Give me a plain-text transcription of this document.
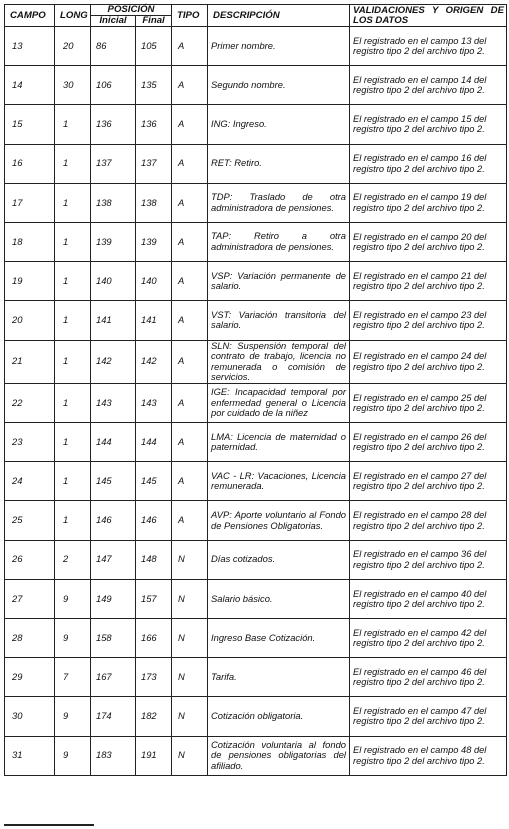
CAMPO	LONG	POSICIÓN		TIPO	DESCRIPCIÓN	VALIDACIONES Y ORIGEN DE LOS DATOS
		Inicial	Final			
13	20	86	105	A	Primer nombre.	El registrado en el campo 13 del registro tipo 2 del archivo tipo 2.
14	30	106	135	A	Segundo nombre.	El registrado en el campo 14 del registro tipo 2 del archivo tipo 2.
15	1	136	136	A	ING: Ingreso.	El registrado en el campo 15 del registro tipo 2 del archivo tipo 2.
16	1	137	137	A	RET: Retiro.	El registrado en el campo 16 del registro tipo 2 del archivo tipo 2.
17	1	138	138	A	TDP: Traslado de otra administradora de pensiones.	El registrado en el campo 19 del registro tipo 2 del archivo tipo 2.
18	1	139	139	A	TAP: Retiro a otra administradora de pensiones.	El registrado en el campo 20 del registro tipo 2 del archivo tipo 2.
19	1	140	140	A	VSP: Variación permanente de salario.	El registrado en el campo 21 del registro tipo 2 del archivo tipo 2.
20	1	141	141	A	VST: Variación transitoria del salario.	El registrado en el campo 23 del registro tipo 2 del archivo tipo 2.
21	1	142	142	A	SLN: Suspensión temporal del contrato de trabajo, licencia no remunerada o comisión de servicios.	El registrado en el campo 24 del registro tipo 2 del archivo tipo 2.
22	1	143	143	A	IGE: Incapacidad temporal por enfermedad general o Licencia por cuidado de la niñez	El registrado en el campo 25 del registro tipo 2 del archivo tipo 2.
23	1	144	144	A	LMA: Licencia de maternidad o paternidad.	El registrado en el campo 26 del registro tipo 2 del archivo tipo 2.
24	1	145	145	A	VAC - LR: Vacaciones, Licencia remunerada.	El registrado en el campo 27 del registro tipo 2 del archivo tipo 2.
25	1	146	146	A	AVP: Aporte voluntario al Fondo de Pensiones Obligatorias.	El registrado en el campo 28 del registro tipo 2 del archivo tipo 2.
26	2	147	148	N	Días cotizados.	El registrado en el campo 36 del registro tipo 2 del archivo tipo 2.
27	9	149	157	N	Salario básico.	El registrado en el campo 40 del registro tipo 2 del archivo tipo 2.
28	9	158	166	N	Ingreso Base Cotización.	El registrado en el campo 42 del registro tipo 2 del archivo tipo 2.
29	7	167	173	N	Tarifa.	El registrado en el campo 46 del registro tipo 2 del archivo tipo 2.
30	9	174	182	N	Cotización obligatoria.	El registrado en el campo 47 del registro tipo 2 del archivo tipo 2.
31	9	183	191	N	Cotización voluntaria al fondo de pensiones obligatorias del afiliado.	El registrado en el campo 48 del registro tipo 2 del archivo tipo 2.
